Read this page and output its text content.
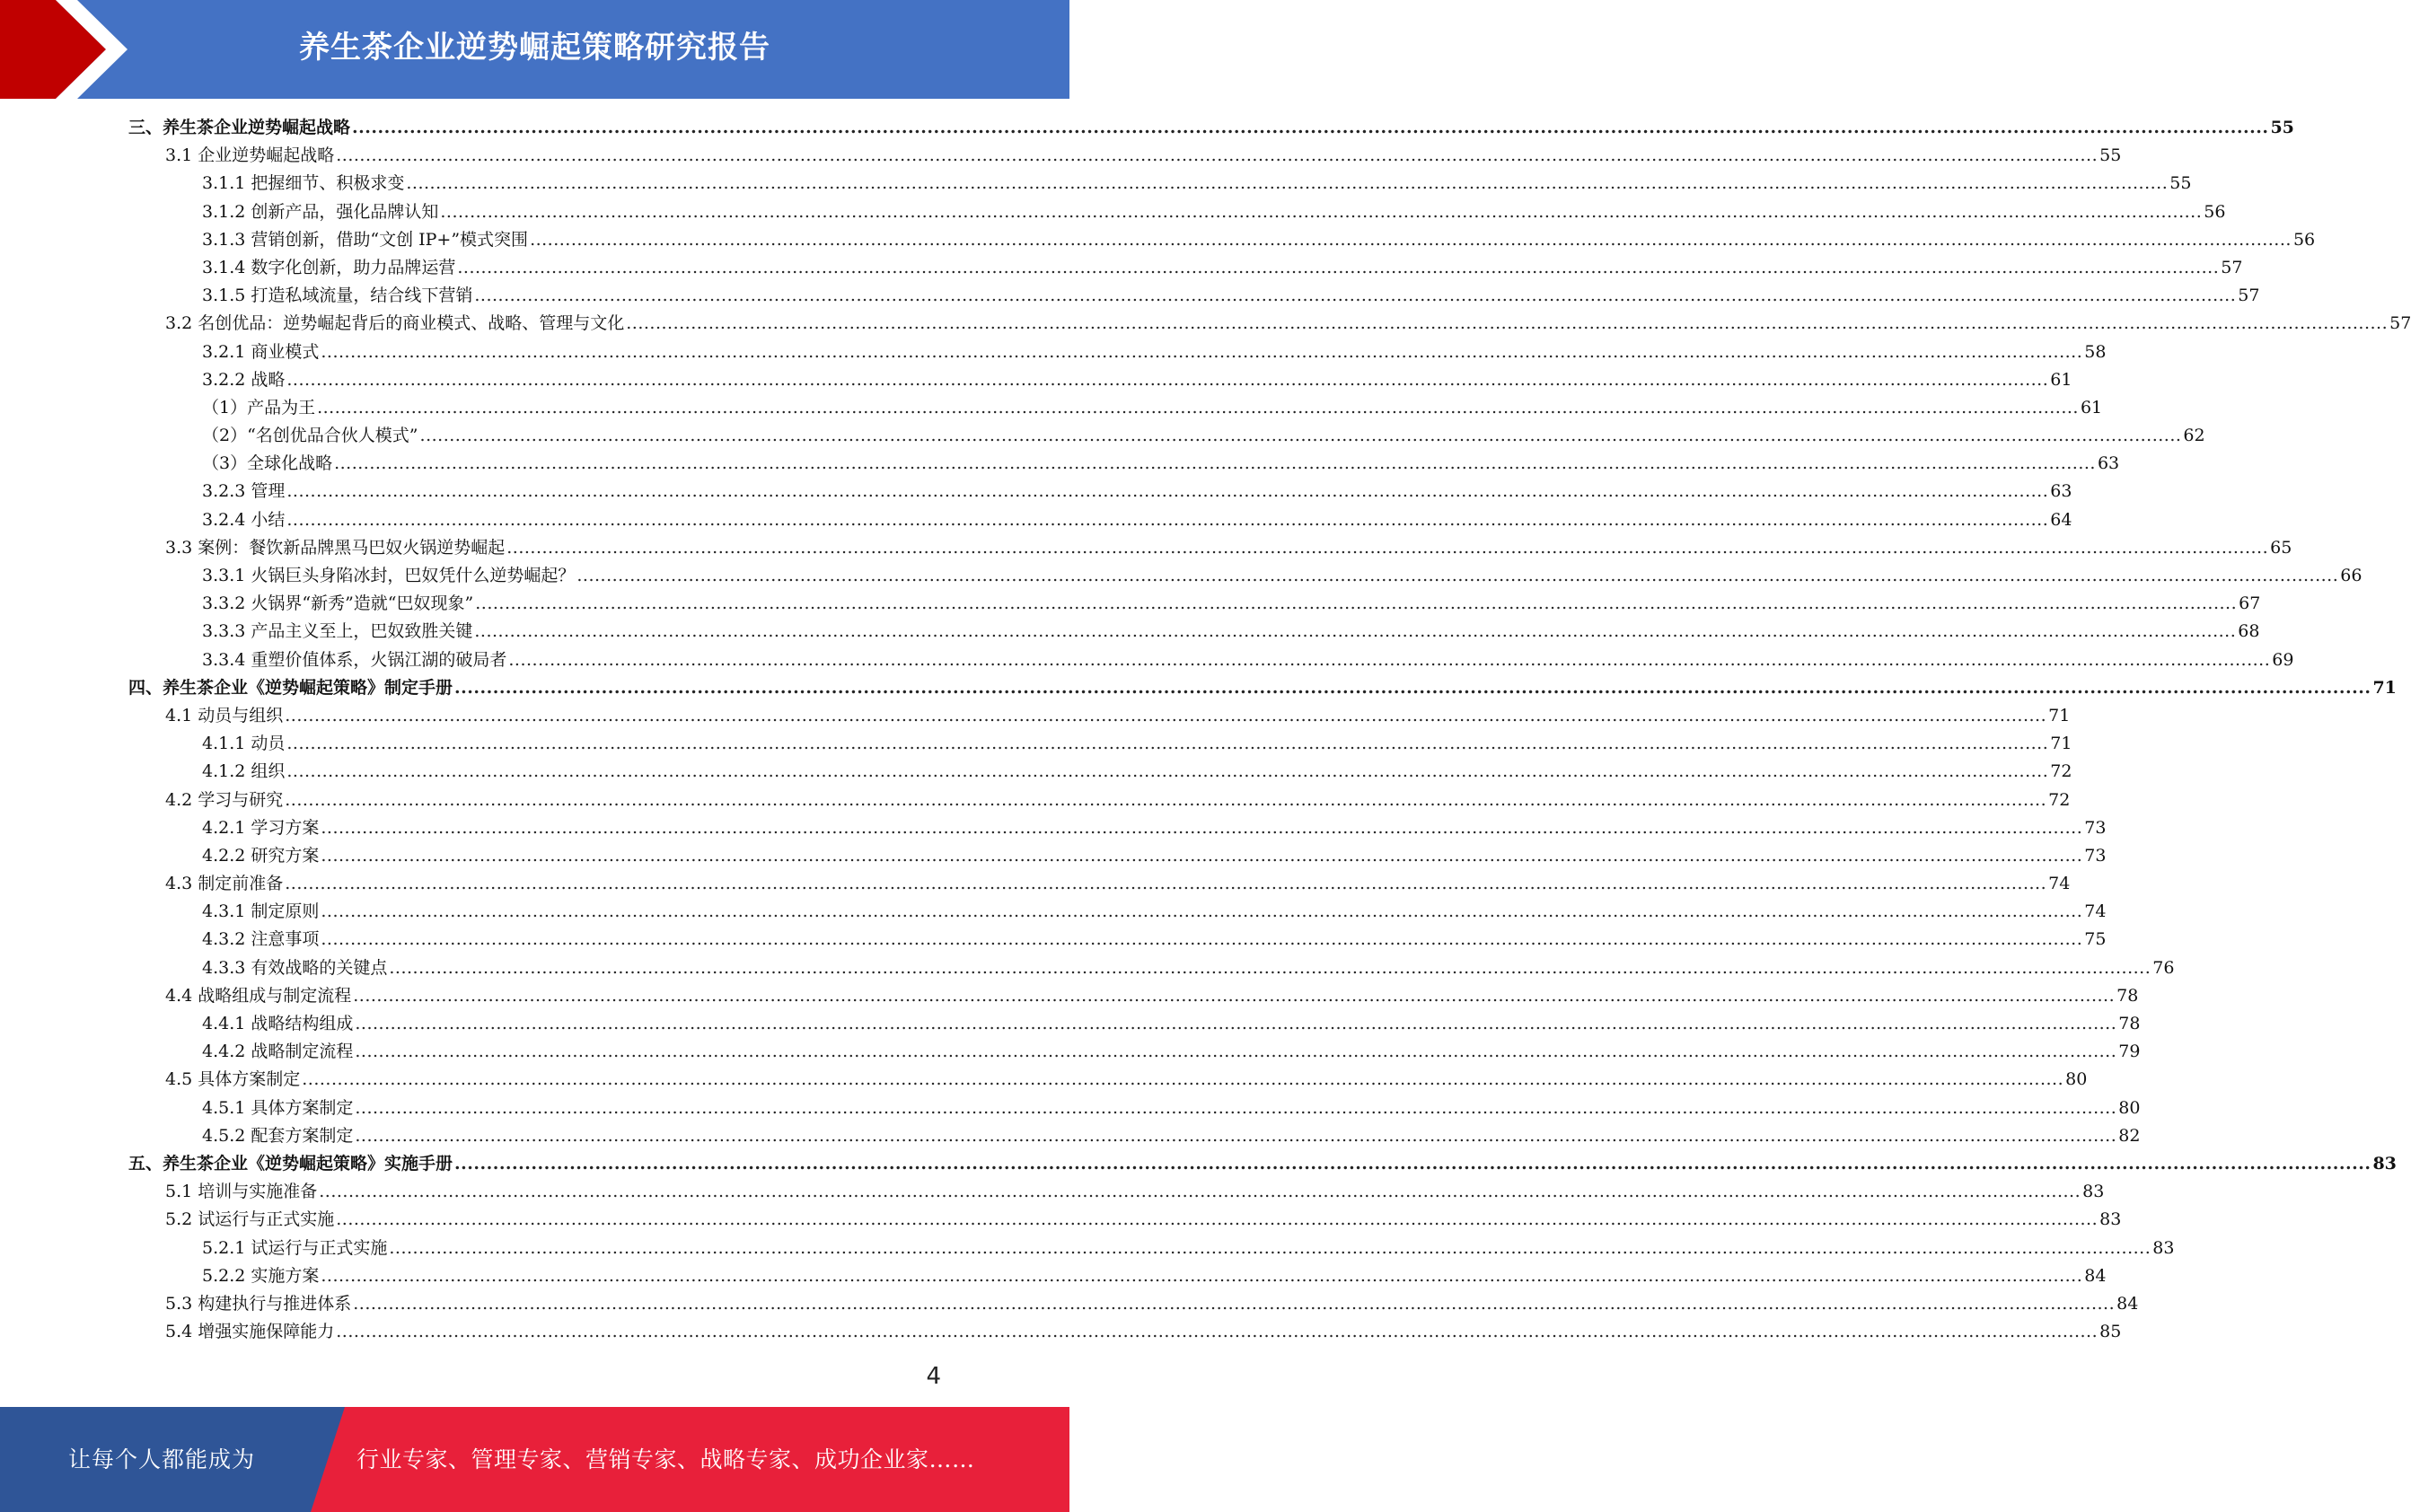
养生茶企业逆势崛起策略研究报告
三、养生茶企业逆势崛起战略 ............................................................................................................................................................................................................................................................................................................ 55
3.1 企业逆势崛起战略 ............................................................................................................................................................................................................................................................................................................ 55
3.1.1 把握细节、积极求变 ............................................................................................................................................................................................................................................................................................................ 55
3.1.2 创新产品，强化品牌认知 ............................................................................................................................................................................................................................................................................................................ 56
3.1.3 营销创新，借助“文创 IP+”模式突围 ............................................................................................................................................................................................................................................................................................................ 56
3.1.4 数字化创新，助力品牌运营 ............................................................................................................................................................................................................................................................................................................ 57
3.1.5 打造私域流量，结合线下营销 ............................................................................................................................................................................................................................................................................................................ 57
3.2 名创优品：逆势崛起背后的商业模式、战略、管理与文化 ............................................................................................................................................................................................................................................................................................................ 57
3.2.1 商业模式 ............................................................................................................................................................................................................................................................................................................ 58
3.2.2 战略 ............................................................................................................................................................................................................................................................................................................ 61
（1）产品为王 ............................................................................................................................................................................................................................................................................................................ 61
（2）“名创优品合伙人模式” ............................................................................................................................................................................................................................................................................................................ 62
（3）全球化战略 ............................................................................................................................................................................................................................................................................................................ 63
3.2.3 管理 ............................................................................................................................................................................................................................................................................................................ 63
3.2.4 小结 ............................................................................................................................................................................................................................................................................................................ 64
3.3 案例：餐饮新品牌黑马巴奴火锅逆势崛起 ............................................................................................................................................................................................................................................................................................................ 65
3.3.1 火锅巨头身陷冰封，巴奴凭什么逆势崛起？ ............................................................................................................................................................................................................................................................................................................ 66
3.3.2 火锅界“新秀”造就“巴奴现象” ............................................................................................................................................................................................................................................................................................................ 67
3.3.3 产品主义至上，巴奴致胜关键 ............................................................................................................................................................................................................................................................................................................ 68
3.3.4 重塑价值体系，火锅江湖的破局者 ............................................................................................................................................................................................................................................................................................................ 69
四、养生茶企业《逆势崛起策略》制定手册 ............................................................................................................................................................................................................................................................................................................ 71
4.1 动员与组织 ............................................................................................................................................................................................................................................................................................................ 71
4.1.1 动员 ............................................................................................................................................................................................................................................................................................................ 71
4.1.2 组织 ............................................................................................................................................................................................................................................................................................................ 72
4.2 学习与研究 ............................................................................................................................................................................................................................................................................................................ 72
4.2.1 学习方案 ............................................................................................................................................................................................................................................................................................................ 73
4.2.2 研究方案 ............................................................................................................................................................................................................................................................................................................ 73
4.3 制定前准备 ............................................................................................................................................................................................................................................................................................................ 74
4.3.1 制定原则 ............................................................................................................................................................................................................................................................................................................ 74
4.3.2 注意事项 ............................................................................................................................................................................................................................................................................................................ 75
4.3.3 有效战略的关键点 ............................................................................................................................................................................................................................................................................................................ 76
4.4 战略组成与制定流程 ............................................................................................................................................................................................................................................................................................................ 78
4.4.1 战略结构组成 ............................................................................................................................................................................................................................................................................................................ 78
4.4.2 战略制定流程 ............................................................................................................................................................................................................................................................................................................ 79
4.5 具体方案制定 ............................................................................................................................................................................................................................................................................................................ 80
4.5.1 具体方案制定 ............................................................................................................................................................................................................................................................................................................ 80
4.5.2 配套方案制定 ............................................................................................................................................................................................................................................................................................................ 82
五、养生茶企业《逆势崛起策略》实施手册 ............................................................................................................................................................................................................................................................................................................ 83
5.1 培训与实施准备 ............................................................................................................................................................................................................................................................................................................ 83
5.2 试运行与正式实施 ............................................................................................................................................................................................................................................................................................................ 83
5.2.1 试运行与正式实施 ............................................................................................................................................................................................................................................................................................................ 83
5.2.2 实施方案 ............................................................................................................................................................................................................................................................................................................ 84
5.3 构建执行与推进体系 ............................................................................................................................................................................................................................................................................................................ 84
5.4 增强实施保障能力 ............................................................................................................................................................................................................................................................................................................ 85
4
让每个人都能成为	行业专家、管理专家、营销专家、战略专家、成功企业家……
